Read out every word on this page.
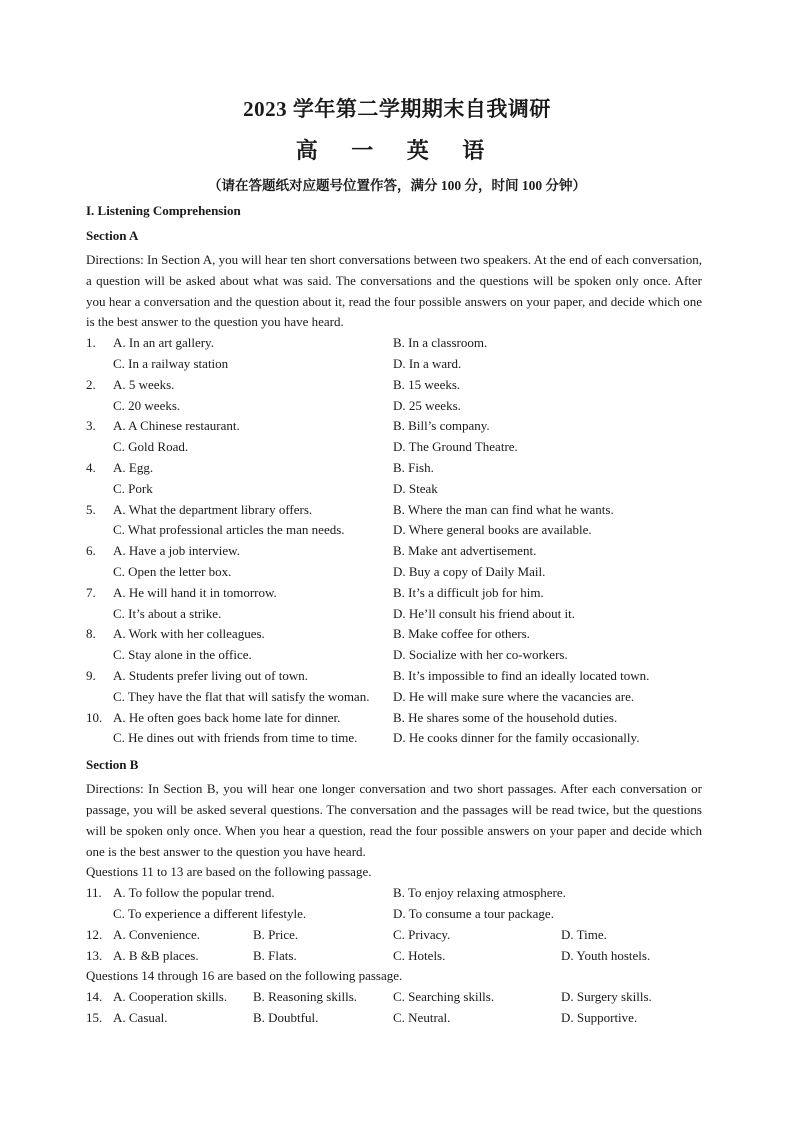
2023 学年第二学期期末自我调研
高 一 英 语
（请在答题纸对应题号位置作答，满分 100 分，时间 100 分钟）
I. Listening Comprehension
Section A
Directions: In Section A, you will hear ten short conversations between two speakers. At the end of each conversation, a question will be asked about what was said. The conversations and the questions will be spoken only once. After you hear a conversation and the question about it, read the four possible answers on your paper, and decide which one is the best answer to the question you have heard.
1. A. In an art gallery.	B. In a classroom.
C. In a railway station	D. In a ward.
2. A. 5 weeks.	B. 15 weeks.
C. 20 weeks.	D. 25 weeks.
3. A. A Chinese restaurant.	B. Bill’s company.
C. Gold Road.	D. The Ground Theatre.
4. A. Egg.	B. Fish.
C. Pork	D. Steak
5. A. What the department library offers.	B. Where the man can find what he wants.
C. What professional articles the man needs.	D. Where general books are available.
6. A. Have a job interview.	B. Make ant advertisement.
C. Open the letter box.	D. Buy a copy of Daily Mail.
7. A. He will hand it in tomorrow.	B. It’s a difficult job for him.
C. It’s about a strike.	D. He’ll consult his friend about it.
8. A. Work with her colleagues.	B. Make coffee for others.
C. Stay alone in the office.	D. Socialize with her co-workers.
9. A. Students prefer living out of town.	B. It’s impossible to find an ideally located town.
C. They have the flat that will satisfy the woman. D. He will make sure where the vacancies are.
10. A. He often goes back home late for dinner.	B. He shares some of the household duties.
C. He dines out with friends from time to time.	D. He cooks dinner for the family occasionally.
Section B
Directions: In Section B, you will hear one longer conversation and two short passages. After each conversation or passage, you will be asked several questions. The conversation and the passages will be read twice, but the questions will be spoken only once. When you hear a question, read the four possible answers on your paper and decide which one is the best answer to the question you have heard.
Questions 11 to 13 are based on the following passage.
11. A. To follow the popular trend.	B. To enjoy relaxing atmosphere.
C. To experience a different lifestyle.	D. To consume a tour package.
12. A. Convenience.	B. Price.	C. Privacy.	D. Time.
13. A. B &B places.	B. Flats.	C. Hotels.	D. Youth hostels.
Questions 14 through 16 are based on the following passage.
14. A. Cooperation skills. B. Reasoning skills.	C. Searching skills.	D. Surgery skills.
15. A. Casual.	B. Doubtful.	C. Neutral.	D. Supportive.
